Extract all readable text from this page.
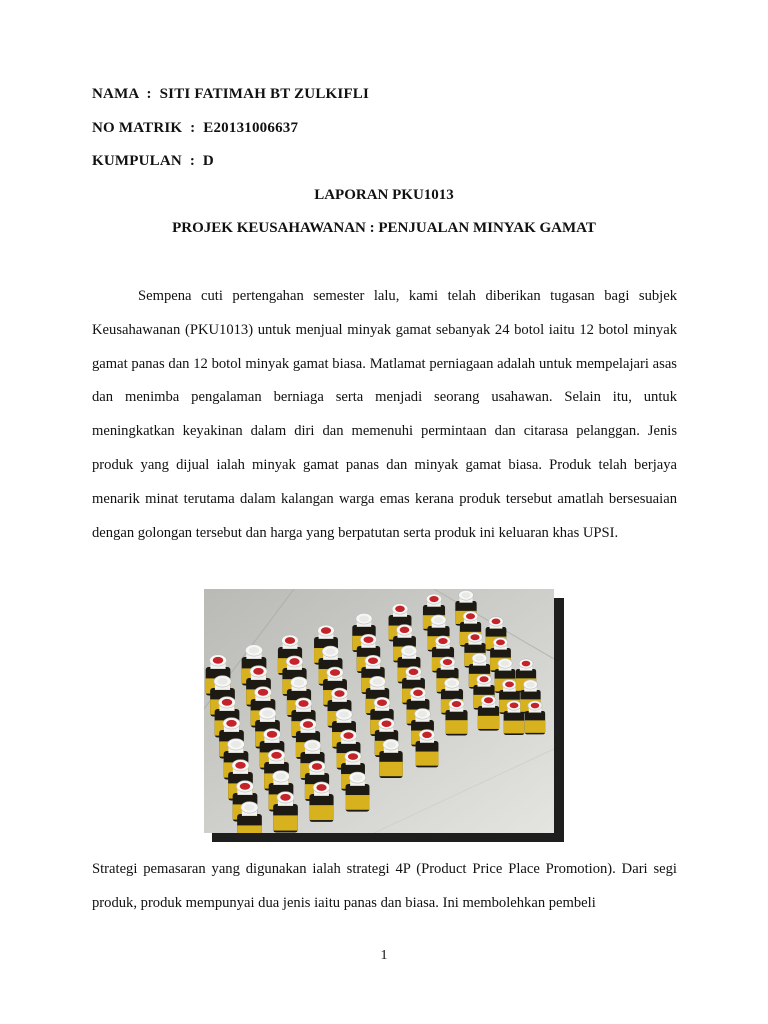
NAMA  :  SITI FATIMAH BT ZULKIFLI
NO MATRIK  :  E20131006637
KUMPULAN  :  D
LAPORAN PKU1013
PROJEK KEUSAHAWANAN : PENJUALAN MINYAK GAMAT

Sempena cuti pertengahan semester lalu, kami telah diberikan tugasan bagi subjek Keusahawanan (PKU1013) untuk menjual minyak gamat sebanyak 24 botol iaitu 12 botol minyak gamat panas dan 12 botol minyak gamat biasa. Matlamat perniagaan adalah untuk mempelajari asas dan menimba pengalaman berniaga serta menjadi seorang usahawan. Selain itu, untuk meningkatkan keyakinan dalam diri dan memenuhi permintaan dan citarasa pelanggan. Jenis produk yang dijual ialah minyak gamat panas dan minyak gamat biasa. Produk telah berjaya menarik minat terutama dalam kalangan warga emas kerana produk tersebut amatlah bersesuaian dengan golongan tersebut dan harga yang berpatutan serta produk ini keluaran khas UPSI.

Strategi pemasaran yang digunakan ialah strategi 4P (Product Price Place Promotion). Dari segi produk, produk mempunyai dua jenis iaitu panas dan biasa. Ini membolehkan pembeli

1
